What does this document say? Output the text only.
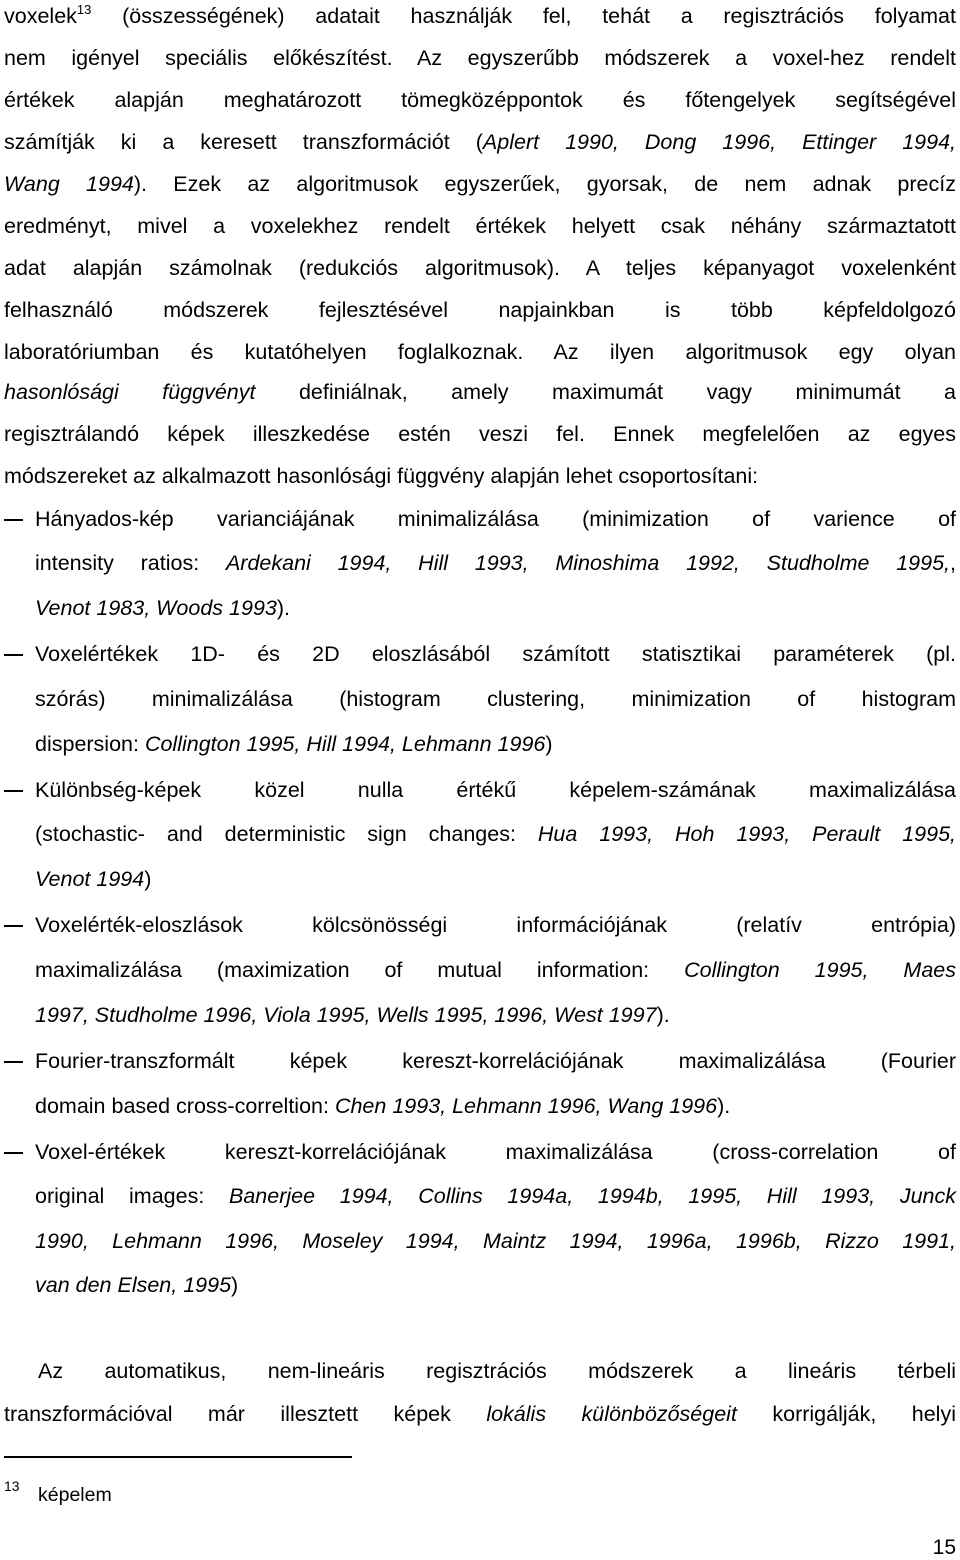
voxelek$^{13}$ (összességének) adatait használják fel, tehát a regisztrációs folyamat
nem igényel speciális előkészítést. Az egyszerűbb módszerek a voxel-hez rendelt
értékek alapján meghatározott tömegközéppontok és főtengelyek segítségével
számítják ki a keresett transzformációt (Aplert 1990, Dong 1996, Ettinger 1994,
Wang 1994). Ezek az algoritmusok egyszerűek, gyorsak, de nem adnak precíz
eredményt, mivel a voxelekhez rendelt értékek helyett csak néhány származtatott
adat alapján számolnak (redukciós algoritmusok). A teljes képanyagot voxelenként
felhasználó módszerek fejlesztésével napjainkban is több képfeldolgozó
laboratóriumban és kutatóhelyen foglalkoznak. Az ilyen algoritmusok egy olyan
hasonlósági függvényt definiálnak, amely maximumát vagy minimumát a
regisztrálandó képek illeszkedése estén veszi fel. Ennek megfelelően az egyes
módszereket az alkalmazott hasonlósági függvény alapján lehet csoportosítani:
Hányados-kép varianciájának minimalizálása (minimization of varience of
intensity ratios: Ardekani 1994, Hill 1993, Minoshima 1992, Studholme 1995,,
Venot 1983, Woods 1993).
Voxelértékek 1D- és 2D eloszlásából számított statisztikai paraméterek (pl.
szórás) minimalizálása (histogram clustering, minimization of histogram
dispersion: Collington 1995, Hill 1994, Lehmann 1996)
Különbség-képek közel nulla értékű képelem-számának maximalizálása
(stochastic- and deterministic sign changes: Hua 1993, Hoh 1993, Perault 1995,
Venot 1994)
Voxelérték-eloszlások kölcsönösségi információjának (relatív entrópia)
maximalizálása (maximization of mutual information: Collington 1995, Maes
1997, Studholme 1996, Viola 1995, Wells 1995, 1996, West 1997).
Fourier-transzformált képek kereszt-korrelációjának maximalizálása (Fourier
domain based cross-correltion: Chen 1993, Lehmann 1996, Wang 1996).
Voxel-értékek kereszt-korrelációjának maximalizálása (cross-correlation of
original images: Banerjee 1994, Collins 1994a, 1994b, 1995, Hill 1993, Junck
1990, Lehmann 1996, Moseley 1994, Maintz 1994, 1996a, 1996b, Rizzo 1991,
van den Elsen, 1995)
Az automatikus, nem-lineáris regisztrációs módszerek a lineáris térbeli
transzformációval már illesztett képek lokális különbözőségeit korrigálják, helyi
13 képelem
15
